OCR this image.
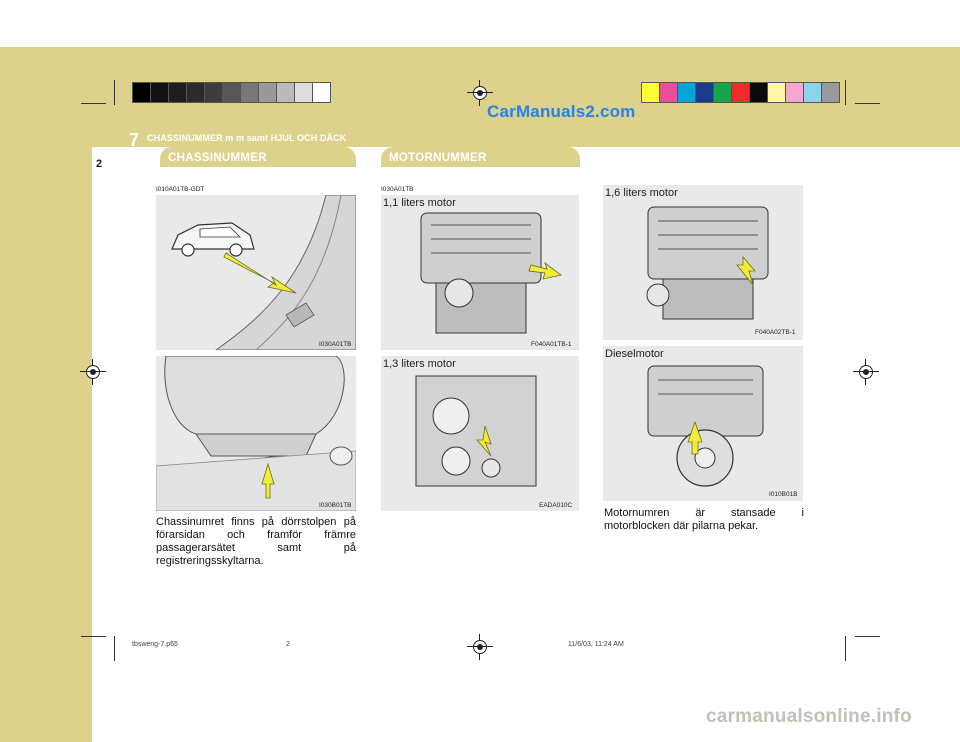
CarManuals2.com
7 CHASSINUMMER m m samt HJUL OCH DÄCK
2	CHASSINUMMER	MOTORNUMMER
I010A01TB-GDT	I030A01TB
I030A01TB
I030B01TB
1,1 liters motor
F040A01TB-1
1,3 liters motor
EADA010C
1,6 liters motor
F040A02TB-1
Dieselmotor
I010B01B
Chassinumret finns på dörrstolpen på förarsidan och framför främre passagerarsätet samt på registreringsskyltarna.
Motornumren är stansade i motorblocken där pilarna pekar.
tbsweng-7.p65	2	11/6/03, 11:24 AM
carmanualsonline.info
